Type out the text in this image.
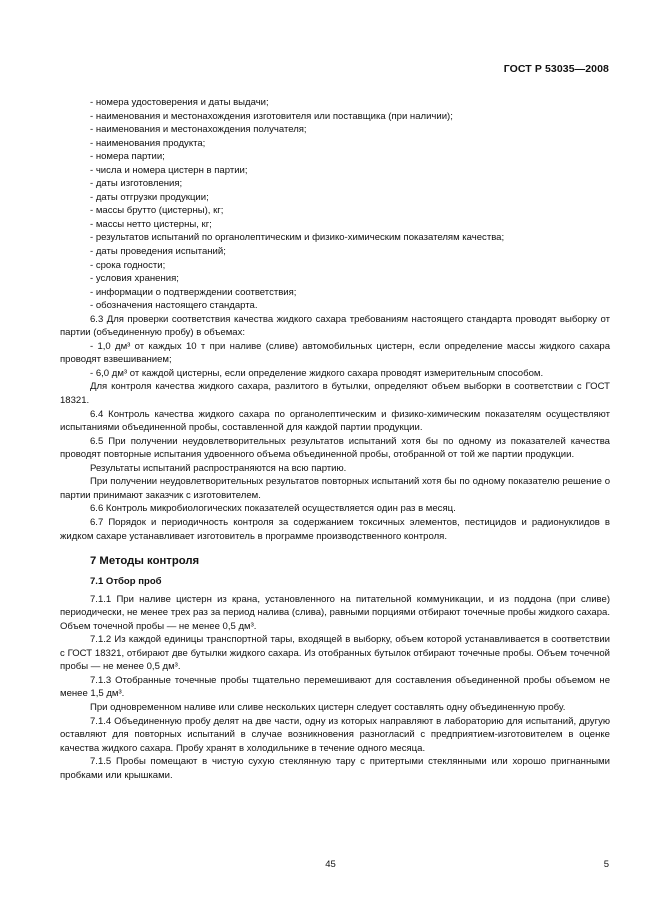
ГОСТ Р 53035—2008

- номера удостоверения и даты выдачи;

- наименования и местонахождения изготовителя или поставщика (при наличии);

- наименования и местонахождения получателя;

- наименования продукта;

- номера партии;

- числа и номера цистерн в партии;

- даты изготовления;

- даты отгрузки продукции;

- массы брутто (цистерны), кг;

- массы нетто цистерны, кг;

- результатов испытаний по органолептическим и физико-химическим показателям качества;

- даты проведения испытаний;

- срока годности;

- условия хранения;

- информации о подтверждении соответствия;

- обозначения настоящего стандарта.

6.3 Для проверки соответствия качества жидкого сахара требованиям настоящего стандарта проводят выборку от партии (объединенную пробу) в объемах:

- 1,0 дм³ от каждых 10 т при наливе (сливе) автомобильных цистерн, если определение массы жидкого сахара проводят взвешиванием;

- 6,0 дм³ от каждой цистерны, если определение жидкого сахара проводят измерительным способом.

Для контроля качества жидкого сахара, разлитого в бутылки, определяют объем выборки в соответствии с ГОСТ 18321.

6.4 Контроль качества жидкого сахара по органолептическим и физико-химическим показателям осуществляют испытаниями объединенной пробы, составленной для каждой партии продукции.

6.5 При получении неудовлетворительных результатов испытаний хотя бы по одному из показателей качества проводят повторные испытания удвоенного объема объединенной пробы, отобранной от той же партии продукции.

Результаты испытаний распространяются на всю партию.

При получении неудовлетворительных результатов повторных испытаний хотя бы по одному показателю решение о партии принимают заказчик с изготовителем.

6.6 Контроль микробиологических показателей осуществляется один раз в месяц.

6.7 Порядок и периодичность контроля за содержанием токсичных элементов, пестицидов и радионуклидов в жидком сахаре устанавливает изготовитель в программе производственного контроля.

7 Методы контроля

7.1 Отбор проб

7.1.1 При наливе цистерн из крана, установленного на питательной коммуникации, и из поддона (при сливе) периодически, не менее трех раз за период налива (слива), равными порциями отбирают точечные пробы жидкого сахара. Объем точечной пробы — не менее 0,5 дм³.

7.1.2 Из каждой единицы транспортной тары, входящей в выборку, объем которой устанавливается в соответствии с ГОСТ 18321, отбирают две бутылки жидкого сахара. Из отобранных бутылок отбирают точечные пробы. Объем точечной пробы — не менее 0,5 дм³.

7.1.3 Отобранные точечные пробы тщательно перемешивают для составления объединенной пробы объемом не менее 1,5 дм³.

При одновременном наливе или сливе нескольких цистерн следует составлять одну объединенную пробу.

7.1.4 Объединенную пробу делят на две части, одну из которых направляют в лабораторию для испытаний, другую оставляют для повторных испытаний в случае возникновения разногласий с предприятием-изготовителем в оценке качества жидкого сахара. Пробу хранят в холодильнике в течение одного месяца.

7.1.5 Пробы помещают в чистую сухую стеклянную тару с притертыми стеклянными или хорошо пригнанными пробками или крышками.

45	5
